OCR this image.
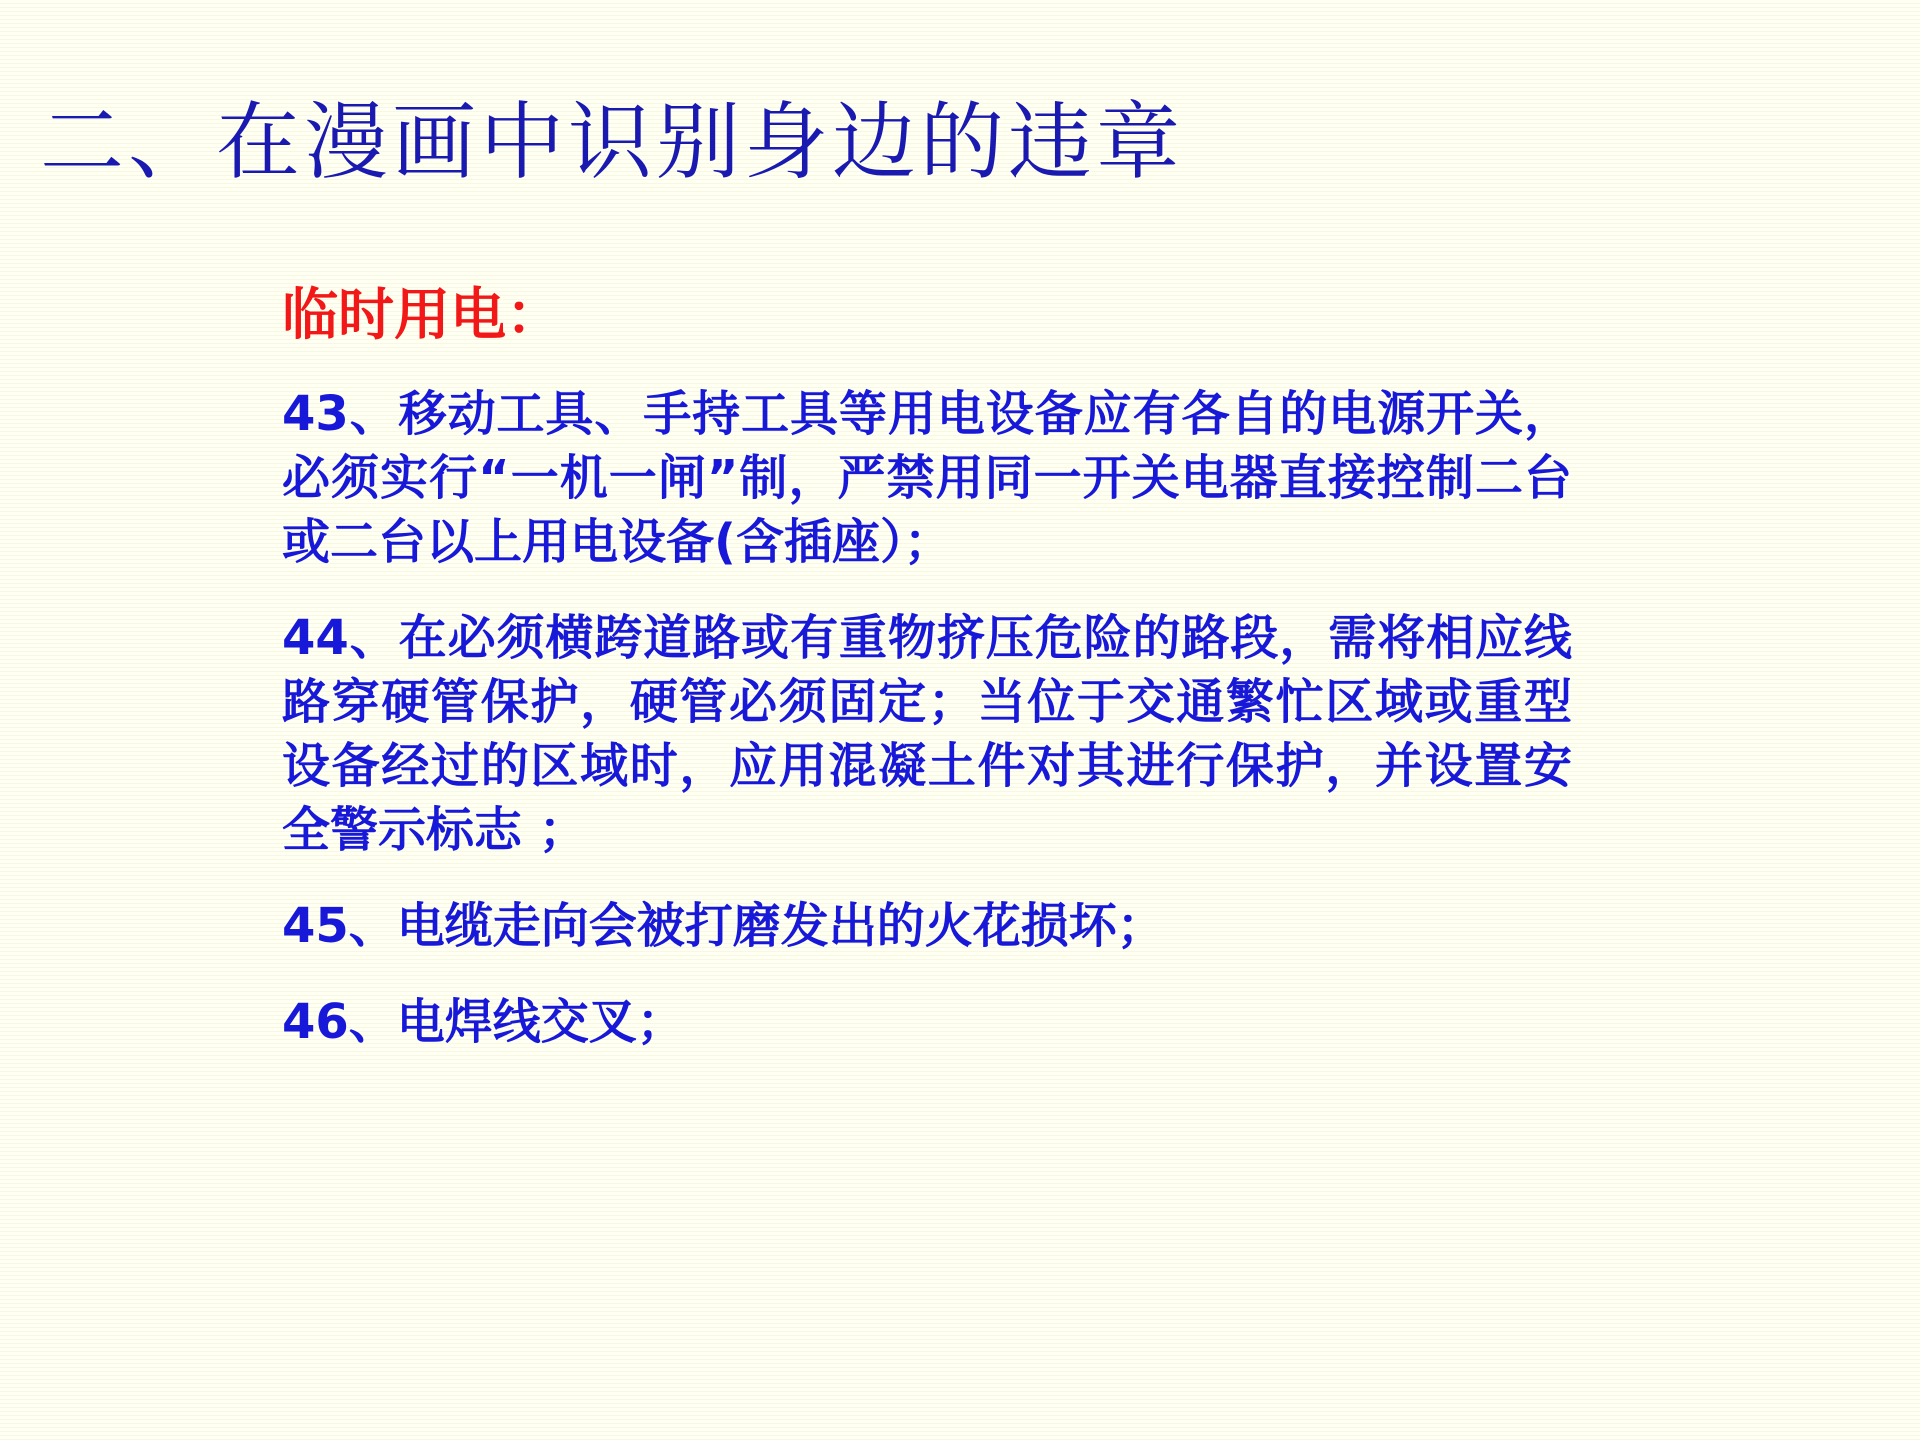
二、在漫画中识别身边的违章
临时用电：
43、移动工具、手持工具等用电设备应有各自的电源开关，必须实行“一机一闸”制，严禁用同一开关电器直接控制二台或二台以上用电设备(含插座）；
44、在必须横跨道路或有重物挤压危险的路段，需将相应线路穿硬管保护，硬管必须固定；当位于交通繁忙区域或重型设备经过的区域时，应用混凝土件对其进行保护，并设置安全警示标志 ；
45、电缆走向会被打磨发出的火花损坏；
46、电焊线交叉；
